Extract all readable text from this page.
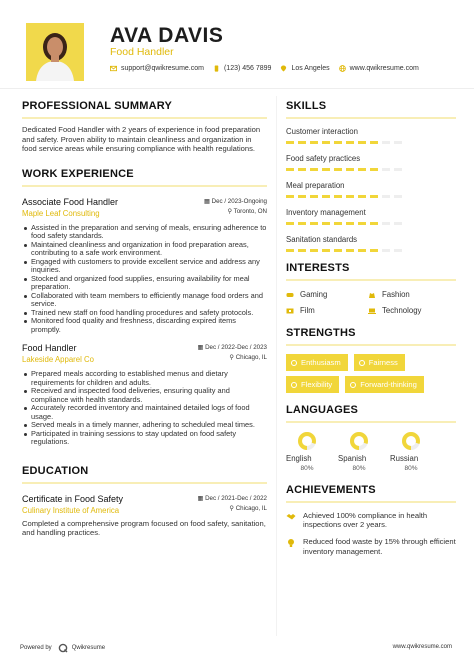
AVA DAVIS
Food Handler
support@qwikresume.com	(123) 456 7899	Los Angeles	www.qwikresume.com
PROFESSIONAL SUMMARY
Dedicated Food Handler with 2 years of experience in food preparation and safety. Proven ability to maintain cleanliness and organization in food service areas while ensuring compliance with health regulations.
WORK EXPERIENCE
Associate Food Handler	▦ Dec / 2023-Ongoing
Maple Leaf Consulting	⚲ Toronto, ON
Assisted in the preparation and serving of meals, ensuring adherence to food safety standards.
Maintained cleanliness and organization in food preparation areas, contributing to a safe work environment.
Engaged with customers to provide excellent service and address any inquiries.
Stocked and organized food supplies, ensuring availability for meal preparation.
Collaborated with team members to efficiently manage food orders and service.
Trained new staff on food handling procedures and safety protocols.
Monitored food quality and freshness, discarding expired items promptly.
Food Handler	▦ Dec / 2022-Dec / 2023
Lakeside Apparel Co	⚲ Chicago, IL
Prepared meals according to established menus and dietary requirements for children and adults.
Received and inspected food deliveries, ensuring quality and compliance with health standards.
Accurately recorded inventory and maintained detailed logs of food usage.
Served meals in a timely manner, adhering to scheduled meal times.
Participated in training sessions to stay updated on food safety regulations.
EDUCATION
Certificate in Food Safety	▦ Dec / 2021-Dec / 2022
Culinary Institute of America	⚲ Chicago, IL
Completed a comprehensive program focused on food safety, sanitation, and handling practices.
SKILLS
Customer interaction
Food safety practices
Meal preparation
Inventory management
Sanitation standards
INTERESTS
Gaming	Fashion
Film	Technology
STRENGTHS
Enthusiasm	Fairness
Flexibility	Forward-thinking
LANGUAGES
English
80%
Spanish
80%
Russian
80%
ACHIEVEMENTS
Achieved 100% compliance in health inspections over 2 years.
Reduced food waste by 15% through efficient inventory management.
Powered by	Qwikresume	www.qwikresume.com
